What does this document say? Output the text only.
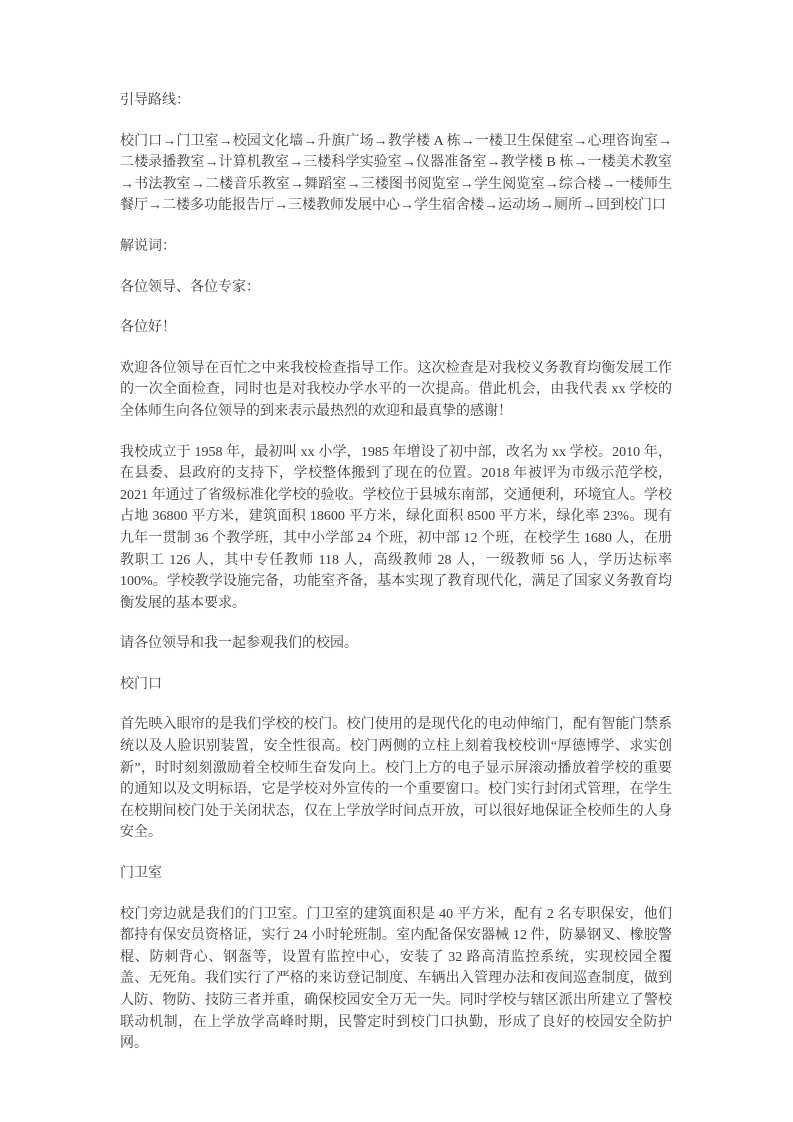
引导路线：

校门口→门卫室→校园文化墙→升旗广场→教学楼 A 栋→一楼卫生保健室→心理咨询室→二楼录播教室→计算机教室→三楼科学实验室→仪器准备室→教学楼 B 栋→一楼美术教室→书法教室→二楼音乐教室→舞蹈室→三楼图书阅览室→学生阅览室→综合楼→一楼师生餐厅→二楼多功能报告厅→三楼教师发展中心→学生宿舍楼→运动场→厕所→回到校门口

解说词：

各位领导、各位专家：

各位好！

欢迎各位领导在百忙之中来我校检查指导工作。这次检查是对我校义务教育均衡发展工作的一次全面检查，同时也是对我校办学水平的一次提高。借此机会，由我代表 xx 学校的全体师生向各位领导的到来表示最热烈的欢迎和最真挚的感谢！

我校成立于 1958 年，最初叫 xx 小学，1985 年增设了初中部，改名为 xx 学校。2010 年，在县委、县政府的支持下，学校整体搬到了现在的位置。2018 年被评为市级示范学校，2021 年通过了省级标准化学校的验收。学校位于县城东南部，交通便利，环境宜人。学校占地 36800 平方米，建筑面积 18600 平方米，绿化面积 8500 平方米，绿化率 23%。现有九年一贯制 36 个教学班，其中小学部 24 个班，初中部 12 个班，在校学生 1680 人，在册教职工 126 人，其中专任教师 118 人，高级教师 28 人，一级教师 56 人，学历达标率 100%。学校教学设施完备，功能室齐备，基本实现了教育现代化，满足了国家义务教育均衡发展的基本要求。

请各位领导和我一起参观我们的校园。

校门口

首先映入眼帘的是我们学校的校门。校门使用的是现代化的电动伸缩门，配有智能门禁系统以及人脸识别装置，安全性很高。校门两侧的立柱上刻着我校校训“厚德博学、求实创新”，时时刻刻激励着全校师生奋发向上。校门上方的电子显示屏滚动播放着学校的重要的通知以及文明标语，它是学校对外宣传的一个重要窗口。校门实行封闭式管理，在学生在校期间校门处于关闭状态，仅在上学放学时间点开放，可以很好地保证全校师生的人身安全。

门卫室

校门旁边就是我们的门卫室。门卫室的建筑面积是 40 平方米，配有 2 名专职保安，他们都持有保安员资格证，实行 24 小时轮班制。室内配备保安器械 12 件，防暴钢叉、橡胶警棍、防刺背心、钢盔等，设置有监控中心，安装了 32 路高清监控系统，实现校园全覆盖、无死角。我们实行了严格的来访登记制度、车辆出入管理办法和夜间巡查制度，做到人防、物防、技防三者并重，确保校园安全万无一失。同时学校与辖区派出所建立了警校联动机制，在上学放学高峰时期，民警定时到校门口执勤，形成了良好的校园安全防护网。
